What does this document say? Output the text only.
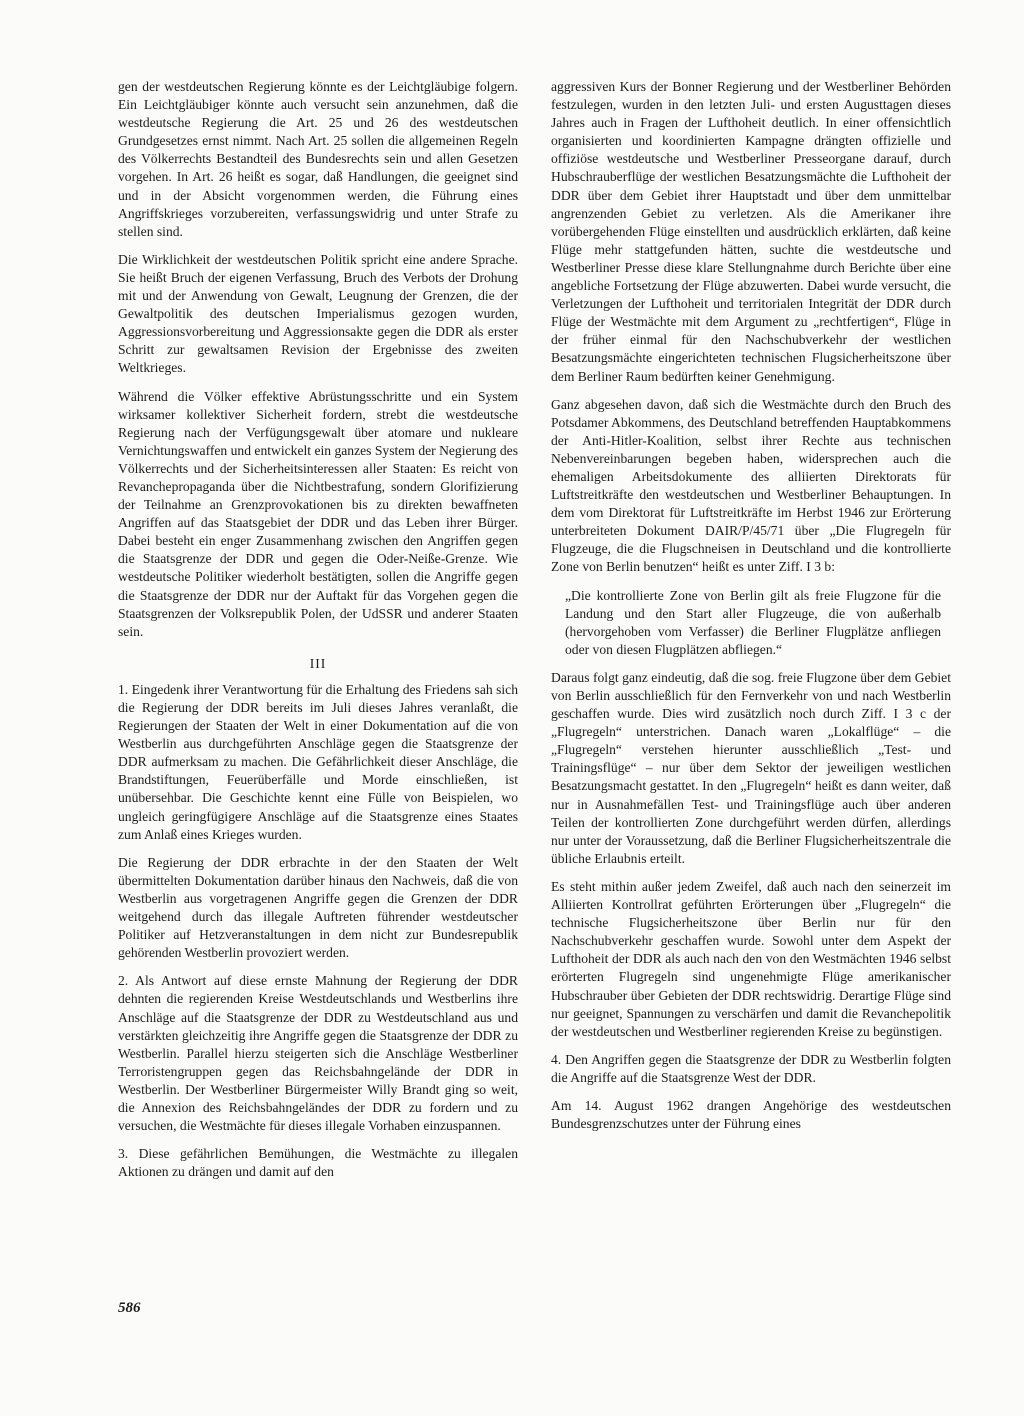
gen der westdeutschen Regierung könnte es der Leichtgläubige folgern. Ein Leichtgläubiger könnte auch versucht sein anzunehmen, daß die westdeutsche Regierung die Art. 25 und 26 des westdeutschen Grundgesetzes ernst nimmt. Nach Art. 25 sollen die allgemeinen Regeln des Völkerrechts Bestandteil des Bundesrechts sein und allen Gesetzen vorgehen. In Art. 26 heißt es sogar, daß Handlungen, die geeignet sind und in der Absicht vorgenommen werden, die Führung eines Angriffskrieges vorzubereiten, verfassungswidrig und unter Strafe zu stellen sind.

Die Wirklichkeit der westdeutschen Politik spricht eine andere Sprache. Sie heißt Bruch der eigenen Verfassung, Bruch des Verbots der Drohung mit und der Anwendung von Gewalt, Leugnung der Grenzen, die der Gewaltpolitik des deutschen Imperialismus gezogen wurden, Aggressionsvorbereitung und Aggressionsakte gegen die DDR als erster Schritt zur gewaltsamen Revision der Ergebnisse des zweiten Weltkrieges.

Während die Völker effektive Abrüstungsschritte und ein System wirksamer kollektiver Sicherheit fordern, strebt die westdeutsche Regierung nach der Verfügungsgewalt über atomare und nukleare Vernichtungswaffen und entwickelt ein ganzes System der Negierung des Völkerrechts und der Sicherheitsinteressen aller Staaten: Es reicht von Revanchepropaganda über die Nichtbestrafung, sondern Glorifizierung der Teilnahme an Grenzprovokationen bis zu direkten bewaffneten Angriffen auf das Staatsgebiet der DDR und das Leben ihrer Bürger. Dabei besteht ein enger Zusammenhang zwischen den Angriffen gegen die Staatsgrenze der DDR und gegen die Oder-Neiße-Grenze. Wie westdeutsche Politiker wiederholt bestätigten, sollen die Angriffe gegen die Staatsgrenze der DDR nur der Auftakt für das Vorgehen gegen die Staatsgrenzen der Volksrepublik Polen, der UdSSR und anderer Staaten sein.

III

1. Eingedenk ihrer Verantwortung für die Erhaltung des Friedens sah sich die Regierung der DDR bereits im Juli dieses Jahres veranlaßt, die Regierungen der Staaten der Welt in einer Dokumentation auf die von Westberlin aus durchgeführten Anschläge gegen die Staatsgrenze der DDR aufmerksam zu machen. Die Gefährlichkeit dieser Anschläge, die Brandstiftungen, Feuerüberfälle und Morde einschließen, ist unübersehbar. Die Geschichte kennt eine Fülle von Beispielen, wo ungleich geringfügigere Anschläge auf die Staatsgrenze eines Staates zum Anlaß eines Krieges wurden.

Die Regierung der DDR erbrachte in der den Staaten der Welt übermittelten Dokumentation darüber hinaus den Nachweis, daß die von Westberlin aus vorgetragenen Angriffe gegen die Grenzen der DDR weitgehend durch das illegale Auftreten führender westdeutscher Politiker auf Hetzveranstaltungen in dem nicht zur Bundesrepublik gehörenden Westberlin provoziert werden.

2. Als Antwort auf diese ernste Mahnung der Regierung der DDR dehnten die regierenden Kreise Westdeutschlands und Westberlins ihre Anschläge auf die Staatsgrenze der DDR zu Westdeutschland aus und verstärkten gleichzeitig ihre Angriffe gegen die Staatsgrenze der DDR zu Westberlin. Parallel hierzu steigerten sich die Anschläge Westberliner Terroristengruppen gegen das Reichsbahngelände der DDR in Westberlin. Der Westberliner Bürgermeister Willy Brandt ging so weit, die Annexion des Reichsbahngeländes der DDR zu fordern und zu versuchen, die Westmächte für dieses illegale Vorhaben einzuspannen.

3. Diese gefährlichen Bemühungen, die Westmächte zu illegalen Aktionen zu drängen und damit auf den

aggressiven Kurs der Bonner Regierung und der Westberliner Behörden festzulegen, wurden in den letzten Juli- und ersten Augusttagen dieses Jahres auch in Fragen der Lufthoheit deutlich. In einer offensichtlich organisierten und koordinierten Kampagne drängten offizielle und offiziöse westdeutsche und Westberliner Presseorgane darauf, durch Hubschrauberflüge der westlichen Besatzungsmächte die Lufthoheit der DDR über dem Gebiet ihrer Hauptstadt und über dem unmittelbar angrenzenden Gebiet zu verletzen. Als die Amerikaner ihre vorübergehenden Flüge einstellten und ausdrücklich erklärten, daß keine Flüge mehr stattgefunden hätten, suchte die westdeutsche und Westberliner Presse diese klare Stellungnahme durch Berichte über eine angebliche Fortsetzung der Flüge abzuwerten. Dabei wurde versucht, die Verletzungen der Lufthoheit und territorialen Integrität der DDR durch Flüge der Westmächte mit dem Argument zu „rechtfertigen“, Flüge in der früher einmal für den Nachschubverkehr der westlichen Besatzungsmächte eingerichteten technischen Flugsicherheitszone über dem Berliner Raum bedürften keiner Genehmigung.

Ganz abgesehen davon, daß sich die Westmächte durch den Bruch des Potsdamer Abkommens, des Deutschland betreffenden Hauptabkommens der Anti-Hitler-Koalition, selbst ihrer Rechte aus technischen Nebenvereinbarungen begeben haben, widersprechen auch die ehemaligen Arbeitsdokumente des alliierten Direktorats für Luftstreitkräfte den westdeutschen und Westberliner Behauptungen. In dem vom Direktorat für Luftstreitkräfte im Herbst 1946 zur Erörterung unterbreiteten Dokument DAIR/P/45/71 über „Die Flugregeln für Flugzeuge, die die Flugschneisen in Deutschland und die kontrollierte Zone von Berlin benutzen“ heißt es unter Ziff. I 3 b:

„Die kontrollierte Zone von Berlin gilt als freie Flugzone für die Landung und den Start aller Flugzeuge, die von außerhalb (hervorgehoben vom Verfasser) die Berliner Flugplätze anfliegen oder von diesen Flugplätzen abfliegen.“

Daraus folgt ganz eindeutig, daß die sog. freie Flugzone über dem Gebiet von Berlin ausschließlich für den Fernverkehr von und nach Westberlin geschaffen wurde. Dies wird zusätzlich noch durch Ziff. I 3 c der „Flugregeln“ unterstrichen. Danach waren „Lokalflüge“ – die „Flugregeln“ verstehen hierunter ausschließlich „Test- und Trainingsflüge“ – nur über dem Sektor der jeweiligen westlichen Besatzungsmacht gestattet. In den „Flugregeln“ heißt es dann weiter, daß nur in Ausnahmefällen Test- und Trainingsflüge auch über anderen Teilen der kontrollierten Zone durchgeführt werden dürfen, allerdings nur unter der Voraussetzung, daß die Berliner Flugsicherheitszentrale die übliche Erlaubnis erteilt.

Es steht mithin außer jedem Zweifel, daß auch nach den seinerzeit im Alliierten Kontrollrat geführten Erörterungen über „Flugregeln“ die technische Flugsicherheitszone über Berlin nur für den Nachschubverkehr geschaffen wurde. Sowohl unter dem Aspekt der Lufthoheit der DDR als auch nach den von den Westmächten 1946 selbst erörterten Flugregeln sind ungenehmigte Flüge amerikanischer Hubschrauber über Gebieten der DDR rechtswidrig. Derartige Flüge sind nur geeignet, Spannungen zu verschärfen und damit die Revanchepolitik der westdeutschen und Westberliner regierenden Kreise zu begünstigen.

4. Den Angriffen gegen die Staatsgrenze der DDR zu Westberlin folgten die Angriffe auf die Staatsgrenze West der DDR.

Am 14. August 1962 drangen Angehörige des westdeutschen Bundesgrenzschutzes unter der Führung eines

586
